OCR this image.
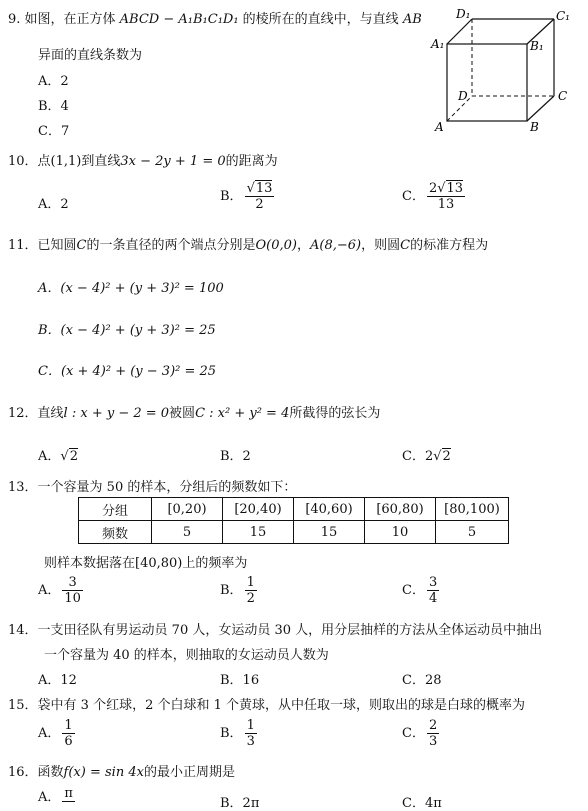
9. 如图，在正方体 ABCD − A₁B₁C₁D₁ 的棱所在的直线中，与直线 AB
异面的直线条数为
A．2
B．4
C．7
D₁	C₁
A₁	B₁
D	C
A	B
10．点(1,1)到直线3x − 2y + 1 = 0的距离为
A．2
B． $\frac{√13}{2}$	C． $\frac{2√13}{13}$
11．已知圆C的一条直径的两个端点分别是O(0,0)，A(8,−6)，则圆C的标准方程为
A．(x − 4)² + (y + 3)² = 100
B．(x − 4)² + (y + 3)² = 25
C．(x + 4)² + (y − 3)² = 25
12．直线l : x + y − 2 = 0被圆C : x² + y² = 4所截得的弦长为
A．√2	B．2	C．2√2
13．一个容量为 50 的样本，分组后的频数如下：
分组	[0,20)	[20,40)	[40,60)	[60,80)	[80,100)
频数	5	15	15	10	5
则样本数据落在[40,80)上的频率为
A． $\frac{3}{10}$	B． $\frac{1}{2}$	C． $\frac{3}{4}$
14．一支田径队有男运动员 70 人，女运动员 30 人，用分层抽样的方法从全体运动员中抽出
一个容量为 40 的样本，则抽取的女运动员人数为
A．12	B．16	C．28
15．袋中有 3 个红球，2 个白球和 1 个黄球，从中任取一球，则取出的球是白球的概率为
A． $\frac{1}{6}$	B． $\frac{1}{3}$	C． $\frac{2}{3}$
16．函数f(x) = sin 4x的最小正周期是
A． π
B．2π	C．4π
